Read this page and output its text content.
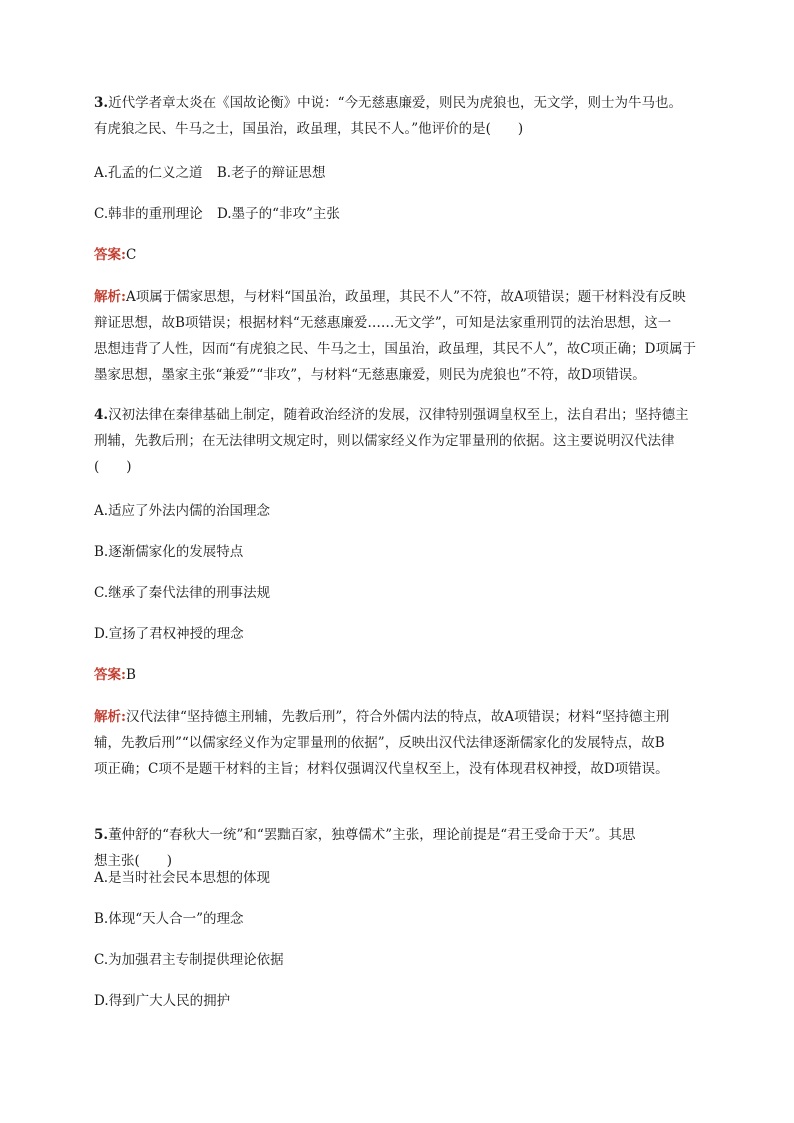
3.近代学者章太炎在《国故论衡》中说：“今无慈惠廉爱，则民为虎狼也，无文学，则士为牛马也。
有虎狼之民、牛马之士，国虽治，政虽理，其民不人。”他评价的是(　　)
A.孔孟的仁义之道 B.老子的辩证思想
C.韩非的重刑理论 D.墨子的“非攻”主张
答案:C
解析:A项属于儒家思想，与材料“国虽治，政虽理，其民不人”不符，故A项错误；题干材料没有反映
辩证思想，故B项错误；根据材料“无慈惠廉爱……无文学”，可知是法家重刑罚的法治思想，这一
思想违背了人性，因而“有虎狼之民、牛马之士，国虽治，政虽理，其民不人”，故C项正确；D项属于
墨家思想，墨家主张“兼爱”“非攻”，与材料“无慈惠廉爱，则民为虎狼也”不符，故D项错误。
4.汉初法律在秦律基础上制定，随着政治经济的发展，汉律特别强调皇权至上，法自君出；坚持德主
刑辅，先教后刑；在无法律明文规定时，则以儒家经义作为定罪量刑的依据。这主要说明汉代法律
(　　)
A.适应了外法内儒的治国理念
B.逐渐儒家化的发展特点
C.继承了秦代法律的刑事法规
D.宣扬了君权神授的理念
答案:B
解析:汉代法律“坚持德主刑辅，先教后刑”，符合外儒内法的特点，故A项错误；材料“坚持德主刑
辅，先教后刑”“以儒家经义作为定罪量刑的依据”，反映出汉代法律逐渐儒家化的发展特点，故B
项正确；C项不是题干材料的主旨；材料仅强调汉代皇权至上，没有体现君权神授，故D项错误。
5.董仲舒的“春秋大一统”和“罢黜百家，独尊儒术”主张，理论前提是“君王受命于天”。其思
想主张(　　)
A.是当时社会民本思想的体现
B.体现“天人合一”的理念
C.为加强君主专制提供理论依据
D.得到广大人民的拥护
